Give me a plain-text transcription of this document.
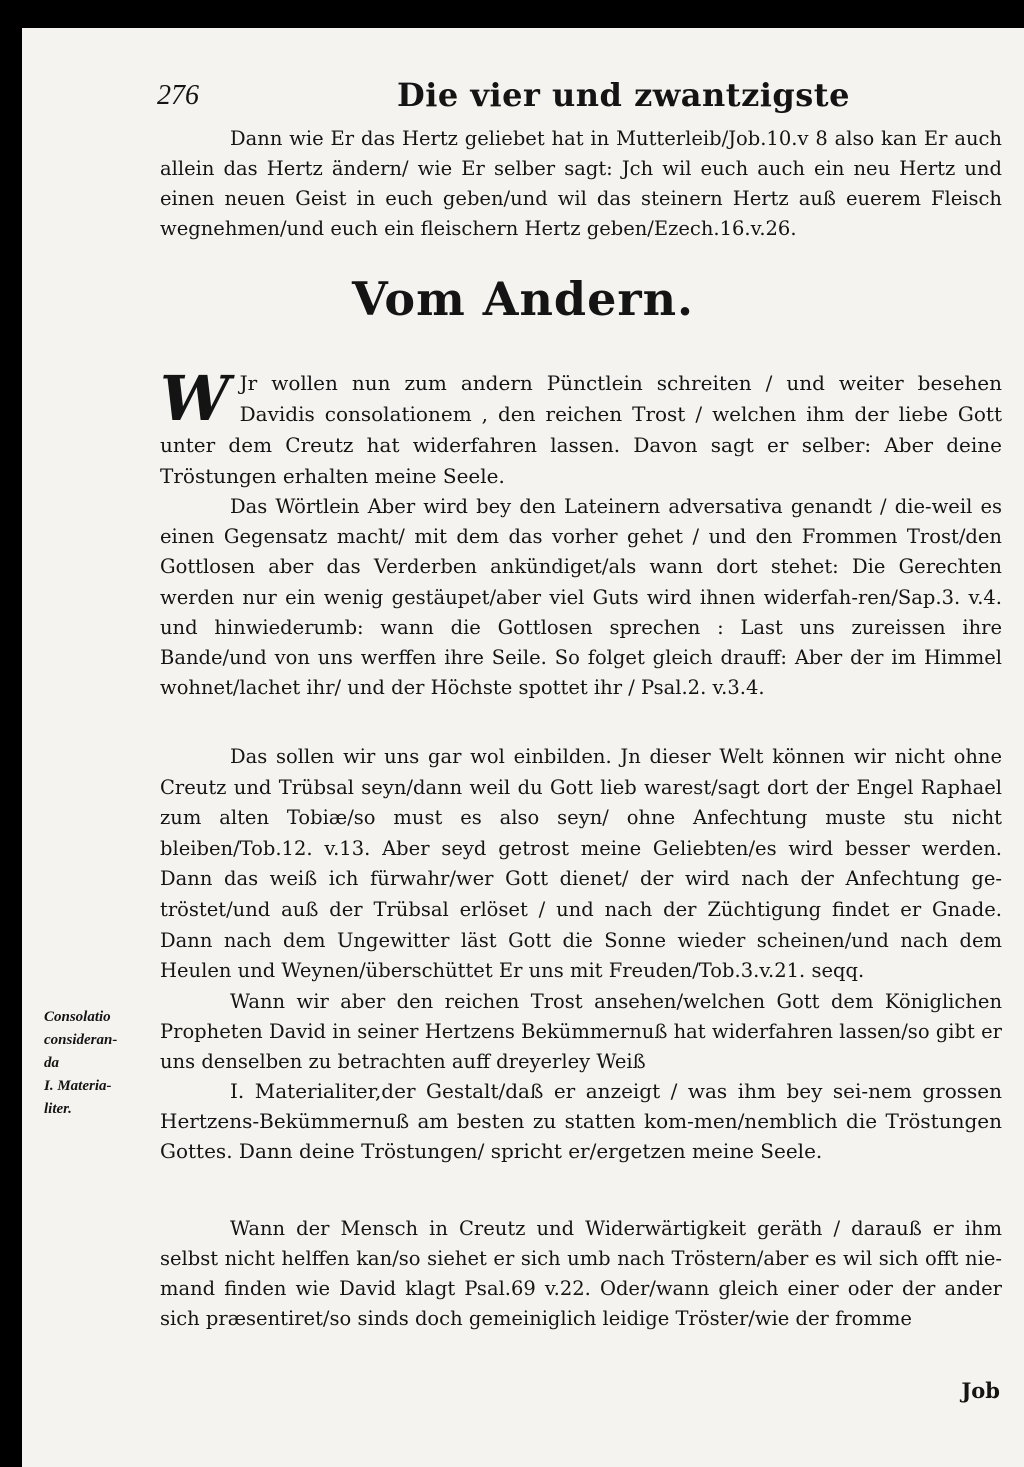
276	Die vier und zwantzigste

Dann wie Er das Hertz geliebet hat in Mutterleib/Job.10.v 8 also kan Er auch allein das Hertz ändern/ wie Er selber sagt: Jch wil euch auch ein neu Hertz und einen neuen Geist in euch geben/und wil das steinern Hertz auß euerem Fleisch wegnehmen/und euch ein fleischern Hertz geben/Ezech.16.v.26.

Vom Andern.

W Jr wollen nun zum andern Pünctlein schreiten / und weiter besehen Davidis consolationem , den reichen Trost / welchen ihm der liebe Gott unter dem Creutz hat widerfahren lassen. Davon sagt er selber: Aber deine Tröstungen erhalten meine Seele.

Das Wörtlein Aber wird bey den Lateinern adversativa genandt / die-weil es einen Gegensatz macht/ mit dem das vorher gehet / und den Frommen Trost/den Gottlosen aber das Verderben ankündiget/als wann dort stehet: Die Gerechten werden nur ein wenig gestäupet/aber viel Guts wird ihnen widerfah-ren/Sap.3. v.4. und hinwiederumb: wann die Gottlosen sprechen : Last uns zureissen ihre Bande/und von uns werffen ihre Seile. So folget gleich drauff: Aber der im Himmel wohnet/lachet ihr/ und der Höchste spottet ihr / Psal.2. v.3.4.

Das sollen wir uns gar wol einbilden. Jn dieser Welt können wir nicht ohne Creutz und Trübsal seyn/dann weil du Gott lieb warest/sagt dort der Engel Raphael zum alten Tobiæ/so must es also seyn/ ohne Anfechtung muste stu nicht bleiben/Tob.12. v.13. Aber seyd getrost meine Geliebten/es wird besser werden. Dann das weiß ich fürwahr/wer Gott dienet/ der wird nach der Anfechtung ge-tröstet/und auß der Trübsal erlöset / und nach der Züchtigung findet er Gnade. Dann nach dem Ungewitter läst Gott die Sonne wieder scheinen/und nach dem Heulen und Weynen/überschüttet Er uns mit Freuden/Tob.3.v.21. seqq.

Wann wir aber den reichen Trost ansehen/welchen Gott dem Königlichen Propheten David in seiner Hertzens Bekümmernuß hat widerfahren lassen/so gibt er uns denselben zu betrachten auff dreyerley Weiß

I. Materialiter,der Gestalt/daß er anzeigt / was ihm bey sei-nem grossen Hertzens-Bekümmernuß am besten zu statten kom-men/nemblich die Tröstungen Gottes. Dann deine Tröstungen/ spricht er/ergetzen meine Seele.

Wann der Mensch in Creutz und Widerwärtigkeit geräth / darauß er ihm selbst nicht helffen kan/so siehet er sich umb nach Tröstern/aber es wil sich offt nie-mand finden wie David klagt Psal.69 v.22. Oder/wann gleich einer oder der ander sich præsentiret/so sinds doch gemeiniglich leidige Tröster/wie der fromme

Consolatio
consideran-
da
I. Materia-
liter.
Job
